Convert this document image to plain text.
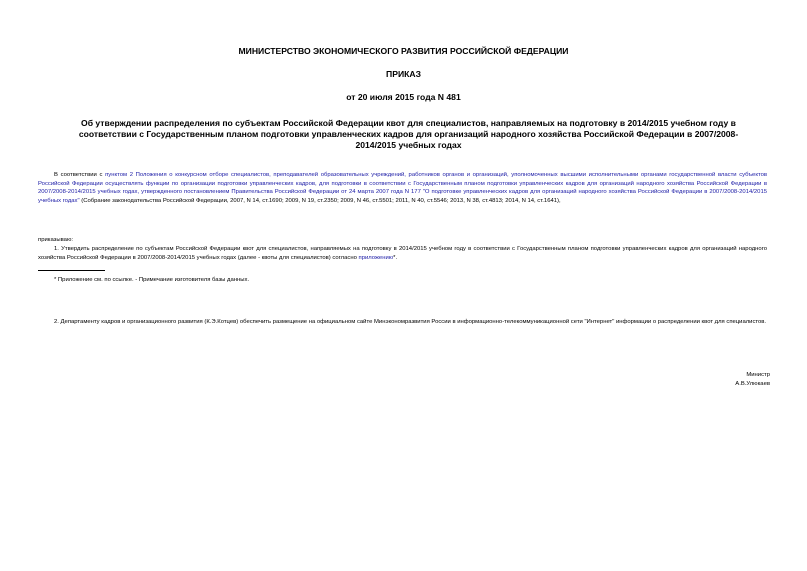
МИНИСТЕРСТВО ЭКОНОМИЧЕСКОГО РАЗВИТИЯ РОССИЙСКОЙ ФЕДЕРАЦИИ
ПРИКАЗ
от 20 июля 2015 года N 481
Об утверждении распределения по субъектам Российской Федерации квот для специалистов, направляемых на подготовку в 2014/2015 учебном году в соответствии с Государственным планом подготовки управленческих кадров для организаций народного хозяйства Российской Федерации в 2007/2008-2014/2015 учебных годах
В соответствии с пунктом 2 Положения о конкурсном отборе специалистов, преподавателей образовательных учреждений, работников органов и организаций, уполномоченных высшими исполнительными органами государственной власти субъектов Российской Федерации осуществлять функции по организации подготовки управленческих кадров, для подготовки в соответствии с Государственным планом подготовки управленческих кадров для организаций народного хозяйства Российской Федерации в 2007/2008-2014/2015 учебных годах, утвержденного постановлением Правительства Российской Федерации от 24 марта 2007 года N 177 "О подготовке управленческих кадров для организаций народного хозяйства Российской Федерации в 2007/2008-2014/2015 учебных годах" (Собрание законодательства Российской Федерации, 2007, N 14, ст.1690; 2009, N 19, ст.2350; 2009, N 46, ст.5501; 2011, N 40, ст.5546; 2013, N 38, ст.4813; 2014, N 14, ст.1641),
приказываю:
1. Утвердить распределение по субъектам Российской Федерации квот для специалистов, направляемых на подготовку в 2014/2015 учебном году в соответствии с Государственным планом подготовки управленческих кадров для организаций народного хозяйства Российской Федерации в 2007/2008-2014/2015 учебных годах (далее - квоты для специалистов) согласно приложению*.
* Приложение см. по ссылке. - Примечание изготовителя базы данных.
2. Департаменту кадров и организационного развития (К.Э.Котцев) обеспечить размещение на официальном сайте Минэкономразвития России в информационно-телекоммуникационной сети "Интернет" информации о распределении квот для специалистов.
Министр
А.В.Улюкаев
